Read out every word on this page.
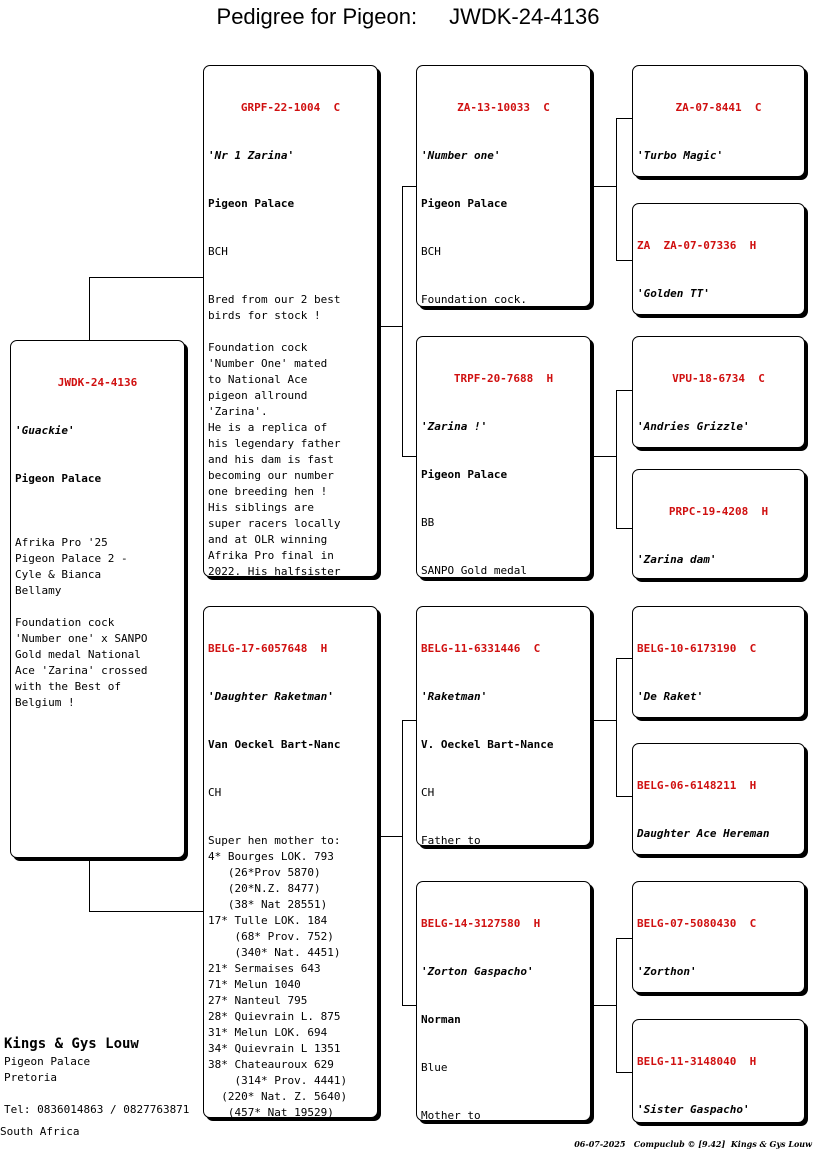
Pedigree for Pigeon: JWDK-24-4136

JWDK-24-4136

'Guackie'

Pigeon Palace

Afrika Pro '25
Pigeon Palace 2 -
Cyle & Bianca
Bellamy

Foundation cock
'Number one' x SANPO
Gold medal National
Ace 'Zarina' crossed
with the Best of
Belgium !

GRPF-22-1004  C

'Nr 1 Zarina'

Pigeon Palace

BCH

Bred from our 2 best
birds for stock !

Foundation cock
'Number One' mated
to National Ace
pigeon allround
'Zarina'.
He is a replica of
his legendary father
and his dam is fast
becoming our number
one breeding hen !
His siblings are
super racers locally
and at OLR winning
Afrika Pro final in
2022. His halfsister

BELG-17-6057648  H

'Daughter Raketman'

Van Oeckel Bart-Nanc

CH

Super hen mother to:
4* Bourges LOK. 793
(26*Prov 5870)
(20*N.Z. 8477)
(38* Nat 28551)
17* Tulle LOK. 184
(68* Prov. 752)
(340* Nat. 4451)
21* Sermaises 643
71* Melun 1040
27* Nanteul 795
28* Quievrain L. 875
31* Melun LOK. 694
34* Quievrain L 1351
38* Chateauroux 629
(314* Prov. 4441)
(220* Nat. Z. 5640)
(457* Nat 19529)

ZA-13-10033  C

'Number one'

Pigeon Palace

BCH

Foundation cock.

TRPF-20-7688  H

'Zarina !'

Pigeon Palace

BB

SANPO Gold medal

BELG-11-6331446  C

'Raketman'

V. Oeckel Bart-Nance

CH

Father to

BELG-14-3127580  H

'Zorton Gaspacho'

Norman

Blue

Mother to

ZA-07-8441  C

'Turbo Magic'

ZA  ZA-07-07336  H

'Golden TT'

VPU-18-6734  C

'Andries Grizzle'

PRPC-19-4208  H

'Zarina dam'

BELG-10-6173190  C

'De Raket'

BELG-06-6148211  H

Daughter Ace Hereman

BELG-07-5080430  C

'Zorthon'

BELG-11-3148040  H

'Sister Gaspacho'

Kings & Gys Louw
Pigeon Palace
Pretoria

Tel: 0836014863 / 0827763871
South Africa
06-07-2025   Compuclub © [9.42]  Kings & Gys Louw
